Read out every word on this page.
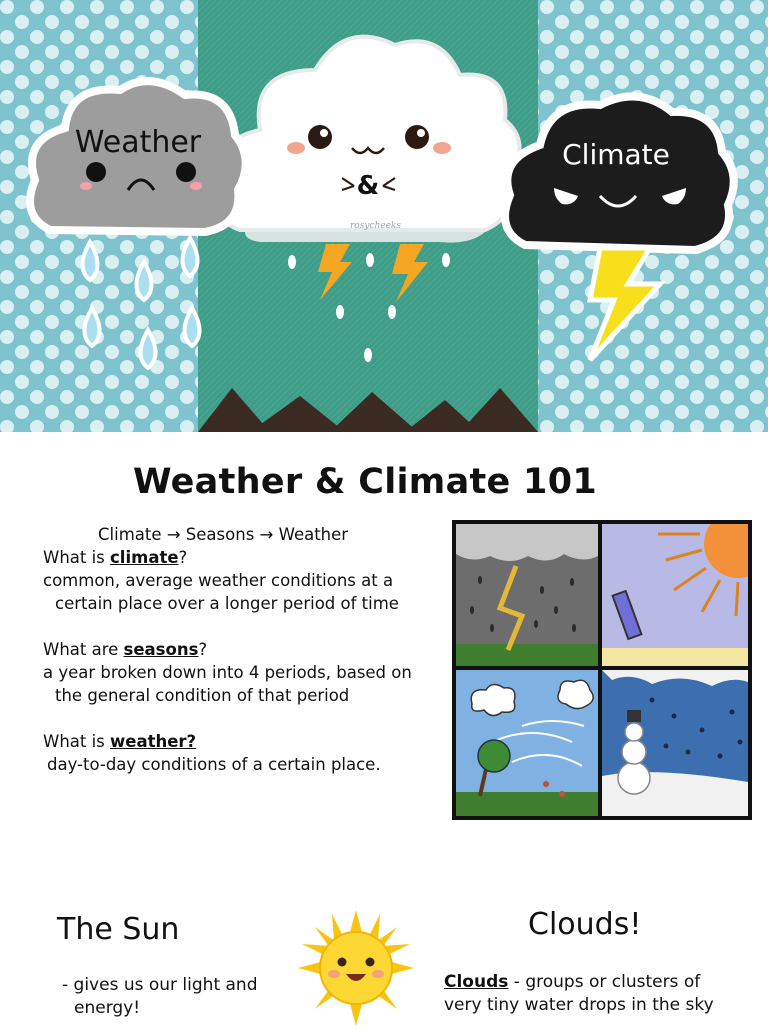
rosycheeks
Weather	Climate
&
Weather & Climate 101

Climate → Seasons → Weather

What is climate?

common, average weather conditions at a

certain place over a longer period of time

What are seasons?

a year broken down into 4 periods, based on

the general condition of that period

What is weather?

day-to-day conditions of a certain place.

The Sun

- gives us our light and

energy!

Clouds!

Clouds - groups or clusters of

very tiny water drops in the sky
